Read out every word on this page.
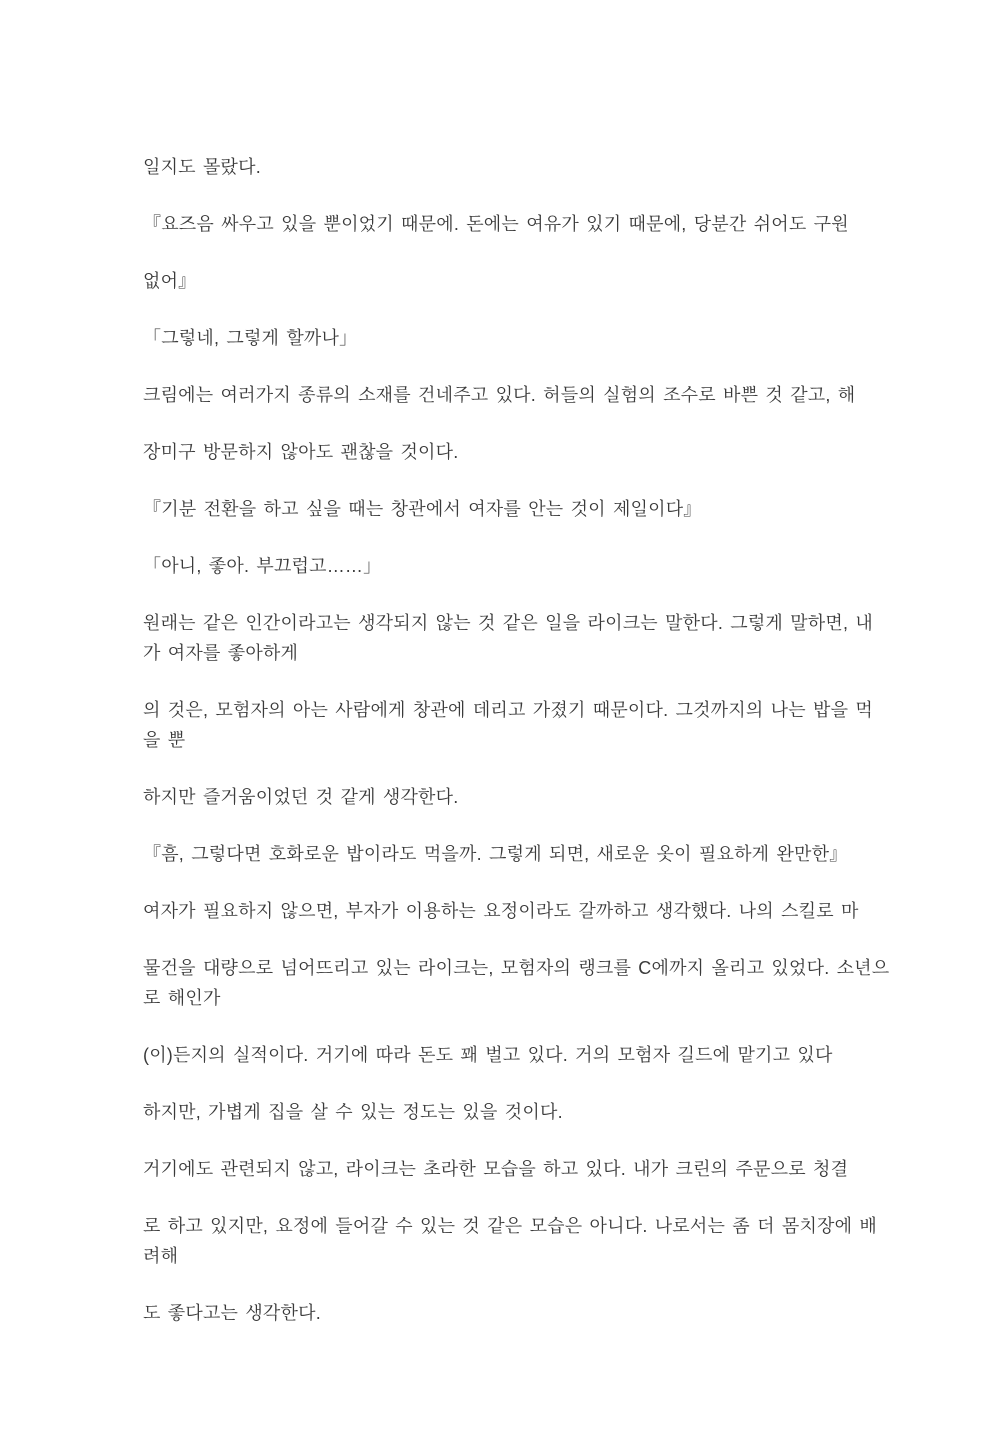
일지도 몰랐다.
『요즈음 싸우고 있을 뿐이었기 때문에. 돈에는 여유가 있기 때문에, 당분간 쉬어도 구원
없어』
「그렇네, 그렇게 할까나」
크림에는 여러가지 종류의 소재를 건네주고 있다. 허들의 실험의 조수로 바쁜 것 같고, 해
장미구 방문하지 않아도 괜찮을 것이다.
『기분 전환을 하고 싶을 때는 창관에서 여자를 안는 것이 제일이다』
「아니, 좋아. 부끄럽고……」
원래는 같은 인간이라고는 생각되지 않는 것 같은 일을 라이크는 말한다. 그렇게 말하면, 내
가 여자를 좋아하게
의 것은, 모험자의 아는 사람에게 창관에 데리고 가졌기 때문이다. 그것까지의 나는 밥을 먹
을 뿐
하지만 즐거움이었던 것 같게 생각한다.
『흠, 그렇다면 호화로운 밥이라도 먹을까. 그렇게 되면, 새로운 옷이 필요하게 완만한』
여자가 필요하지 않으면, 부자가 이용하는 요정이라도 갈까하고 생각했다. 나의 스킬로 마
물건을 대량으로 넘어뜨리고 있는 라이크는, 모험자의 랭크를 C에까지 올리고 있었다. 소년으
로 해인가
(이)든지의 실적이다. 거기에 따라 돈도 꽤 벌고 있다. 거의 모험자 길드에 맡기고 있다
하지만, 가볍게 집을 살 수 있는 정도는 있을 것이다.
거기에도 관련되지 않고, 라이크는 초라한 모습을 하고 있다. 내가 크린의 주문으로 청결
로 하고 있지만, 요정에 들어갈 수 있는 것 같은 모습은 아니다. 나로서는 좀 더 몸치장에 배
려해
도 좋다고는 생각한다.
